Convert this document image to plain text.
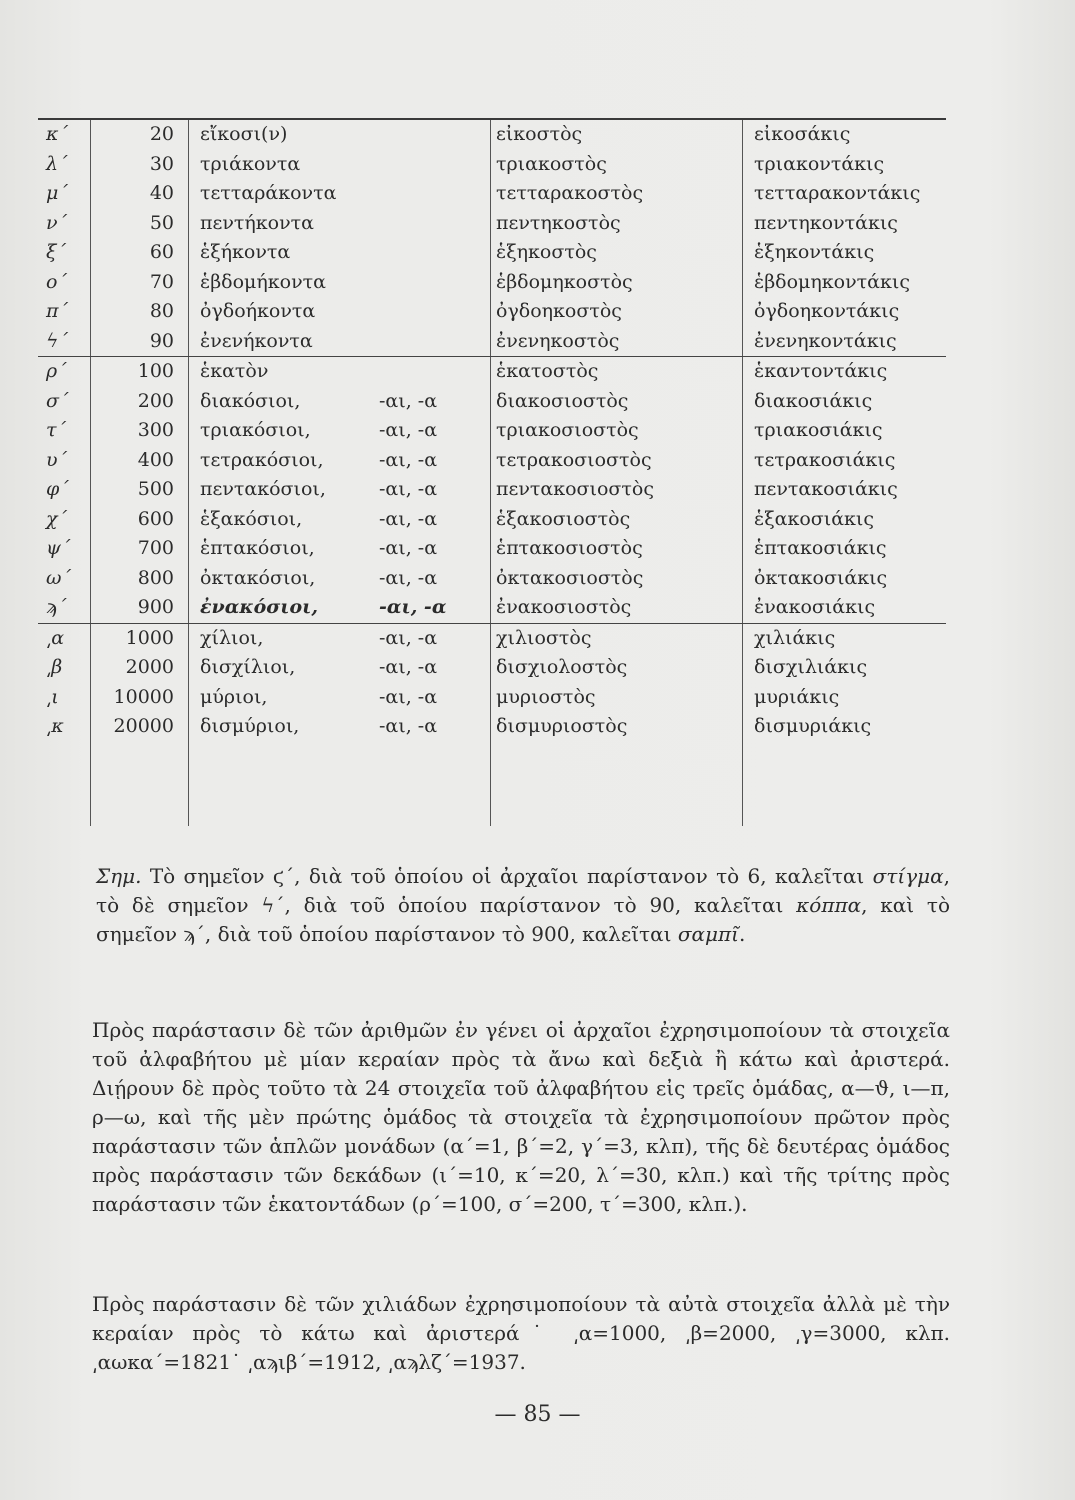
κ΄	20 εἴκοσι(ν)	εἰκοστὸς	εἰκοσάκις
λ΄	30 τριάκοντα	τριακοστὸς	τριακοντάκις
μ΄	40 τετταράκοντα	τετταρακοστὸς	τετταρακοντάκις
ν΄	50 πεντήκοντα	πεντηκοστὸς	πεντηκοντάκις
ξ΄	60 ἑξήκοντα	ἑξηκοστὸς	ἑξηκοντάκις
ο΄	70 ἑβδομήκοντα	ἑβδομηκοστὸς	ἑβδομηκοντάκις
π΄	80 ὀγδοήκοντα	ὀγδοηκοστὸς	ὀγδοηκοντάκις
ϟ΄	90 ἐνενήκοντα	ἐνενηκοστὸς	ἐνενηκοντάκις
ρ΄	100 ἑκατὸν	ἑκατοστὸς	ἑκαντοντάκις
σ΄	200 διακόσιοι,	-αι, -α	διακοσιοστὸς	διακοσιάκις
τ΄	300 τριακόσιοι,	-αι, -α	τριακοσιοστὸς	τριακοσιάκις
υ΄	400 τετρακόσιοι,	-αι, -α	τετρακοσιοστὸς	τετρακοσιάκις
φ΄	500 πεντακόσιοι,	-αι, -α	πεντακοσιοστὸς	πεντακοσιάκις
χ΄	600 ἑξακόσιοι,	-αι, -α	ἑξακοσιοστὸς	ἑξακοσιάκις
ψ΄	700 ἑπτακόσιοι,	-αι, -α	ἑπτακοσιοστὸς	ἑπτακοσιάκις
ω΄	800 ὀκτακόσιοι,	-αι, -α	ὀκτακοσιοστὸς	ὀκτακοσιάκις
ϡ΄	900 ἐνακόσιοι,	-αι, -α	ἐνακοσιοστὸς	ἐνακοσιάκις
͵α	1000 χίλιοι,	-αι, -α	χιλιοστὸς	χιλιάκις
͵β	2000 δισχίλιοι,	-αι, -α	δισχιολοστὸς	δισχιλιάκις
͵ι	10000 μύριοι,	-αι, -α	μυριοστὸς	μυριάκις
͵κ	20000 δισμύριοι,	-αι, -α	δισμυριοστὸς	δισμυριάκις
Σημ. Τὸ σημεῖον ϛ΄, διὰ τοῦ ὁποίου οἱ ἀρχαῖοι παρίστανον τὸ 6, καλεῖται στίγμα, τὸ δὲ σημεῖον ϟ΄, διὰ τοῦ ὁποίου παρίστανον τὸ 90, καλεῖται κόππα, καὶ τὸ σημεῖον ϡ΄, διὰ τοῦ ὁποίου παρίστανον τὸ 900, καλεῖται σαμπῖ.
Πρὸς παράστασιν δὲ τῶν ἀριθμῶν ἐν γένει οἱ ἀρχαῖοι ἐχρησιμοποίουν τὰ στοιχεῖα τοῦ ἀλφαβήτου μὲ μίαν κεραίαν πρὸς τὰ ἄνω καὶ δεξιὰ ἢ κάτω καὶ ἀριστερά. Διῄρουν δὲ πρὸς τοῦτο τὰ 24 στοιχεῖα τοῦ ἀλφαβήτου εἰς τρεῖς ὁμάδας, α—ϑ, ι—π, ρ—ω, καὶ τῆς μὲν πρώτης ὁμάδος τὰ στοιχεῖα τὰ ἐχρησιμοποίουν πρῶτον πρὸς παράστασιν τῶν ἁπλῶν μονάδων (α΄=1, β΄=2, γ΄=3, κλπ), τῆς δὲ δευτέρας ὁμάδος πρὸς παράστασιν τῶν δεκάδων (ι΄=10, κ΄=20, λ΄=30, κλπ.) καὶ τῆς τρίτης πρὸς παράστασιν τῶν ἑκατοντάδων (ρ΄=100, σ΄=200, τ΄=300, κλπ.).
Πρὸς παράστασιν δὲ τῶν χιλιάδων ἐχρησιμοποίουν τὰ αὐτὰ στοιχεῖα ἀλλὰ μὲ τὴν κεραίαν πρὸς τὸ κάτω καὶ ἀριστερά˙ ͵α=1000, ͵β=2000, ͵γ=3000, κλπ. ͵αωκα΄=1821˙ ͵αϡιβ΄=1912, ͵αϡλζ΄=1937.
— 85 —
